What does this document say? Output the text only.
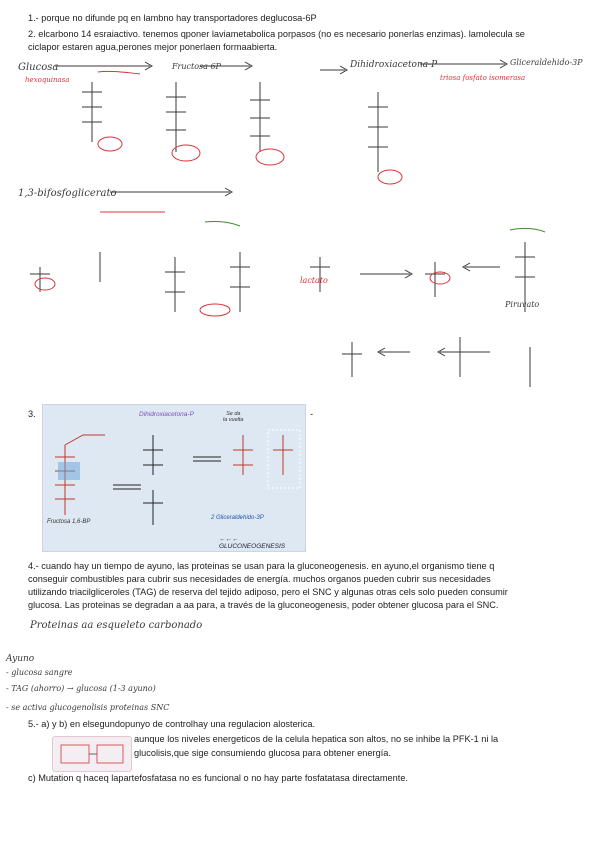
1.- porque no difunde pq en lambno hay transportadores deglucosa-6P
2. elcarbono 14 esraiactivo. tenemos qponer laviametabolica porpasos (no es necesario ponerlas enzimas). lamolecula se
ciclapor estaren agua,perones mejor ponerlaen formaabierta.
Glucosa
hexoquinasa
Fructosa 6P	Dihidroxiacetona-P	Gliceraldehido-3P
triosa fosfato isomerasa
1,3-bifosfoglicerato
Piruvato
lactato
3.	-
Dihidroxiacetona-P	Se da
la vuelta
Fructosa 1,6-BP
2 Gliceraldehido-3P
←←← GLUCONEOGENESIS
4.- cuando hay un tiempo de ayuno, las proteinas se usan para la gluconeogenesis. en ayuno,el organismo tiene q
conseguir combustibles para cubrir sus necesidades de energía. muchos organos pueden cubrir sus necesidades
utilizando triacilgliceroles (TAG) de reserva del tejido adiposo, pero el SNC y algunas otras cels solo pueden consumir
glucosa. Las proteinas se degradan a aa para, a través de la gluconeogenesis, poder obtener glucosa para el SNC.
Proteinas aa esqueleto carbonado
Ayuno
- glucosa sangre
- TAG (ahorro) → glucosa (1-3 ayuno)
- se activa glucogenolisis proteinas SNC
5.- a) y b) en elsegundopunyo de controlhay una regulacion alosterica.
aunque los niveles energeticos de la celula hepatica son altos, no se inhibe la PFK-1 ni la
glucolisis,que sige consumiendo glucosa para obtener energía.
c) Mutation q haceq lapartefosfatasa no es funcional o no hay parte fosfatatasa directamente.
